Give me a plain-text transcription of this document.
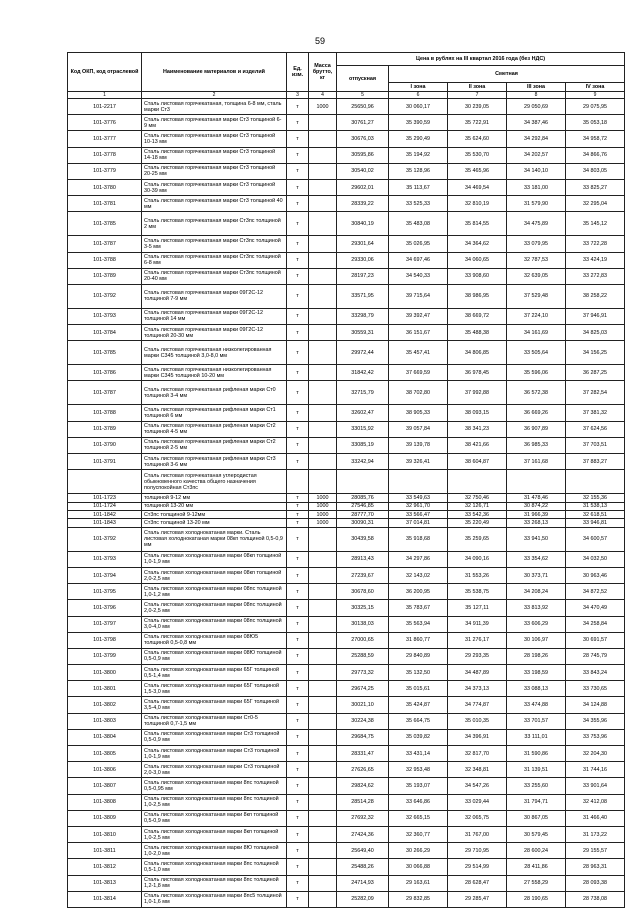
59
Код ОКП, код отраслевой	Наименование материалов и изделий	Ед. изм.	Масса брутто, кг	Цена в рублях на III квартал 2016 года (без НДС)				
				отпускная	Сметная			
					I зона	II зона	III зона	IV зона
1	2	3	4	5	6	7	8	9
101-2217	Сталь листовая горячекатаная, толщина 6-8 мм, сталь марки Ст3	т	1000	25650,96	30 060,17	30 239,05	29 050,69	29 075,95
101-3776	Сталь листовая горячекатаная марки Ст3 толщиной 6-9 мм	т		30761,27	35 390,59	35 722,91	34 387,46	35 053,18
101-3777	Сталь листовая горячекатаная марки Ст3 толщиной 10-13 мм	т		30676,03	35 290,49	35 624,60	34 292,84	34 958,72
101-3778	Сталь листовая горячекатаная марки Ст3 толщиной 14-18 мм	т		30595,86	35 194,92	35 530,70	34 202,57	34 866,76
101-3779	Сталь листовая горячекатаная марки Ст3 толщиной 20-25 мм	т		30540,02	35 128,96	35 465,96	34 140,10	34 803,05
101-3780	Сталь листовая горячекатаная марки Ст3 толщиной 30-39 мм	т		29602,01	35 113,67	34 469,54	33 181,00	33 825,27
101-3781	Сталь листовая горячекатаная марки Ст3 толщиной 40 мм	т		28339,22	33 525,33	32 810,19	31 579,90	32 295,04
101-3785	Сталь листовая горячекатаная марки Ст3пс толщиной 2 мм	т		30840,19	35 483,08	35 814,55	34 475,89	35 145,12
101-3787	Сталь листовая горячекатаная марки Ст3пс толщиной 3-5 мм	т		29301,64	35 026,95	34 364,62	33 079,95	33 722,28
101-3788	Сталь листовая горячекатаная марки Ст3пс толщиной 6-8 мм	т		29330,06	34 697,46	34 060,65	32 787,53	33 424,19
101-3789	Сталь листовая горячекатаная марки Ст3пс толщиной 20-40 мм	т		28197,23	34 540,33	33 908,60	32 639,05	33 272,83
101-3792	Сталь листовая горячекатаная марки 09Г2С-12 толщиной 7-9 мм	т		33571,95	39 715,64	38 986,95	37 529,48	38 258,22
101-3793	Сталь листовая горячекатаная марки 09Г2С-12 толщиной 14 мм	т		33298,79	39 392,47	38 669,72	37 224,10	37 946,91
101-3784	Сталь листовая горячекатаная марки 09Г2С-12 толщиной 20-30 мм	т		30559,31	36 151,67	35 488,38	34 161,69	34 825,03
101-3785	Сталь листовая горячекатаная низколегированная марки С345 толщиной 3,0-8,0 мм	т		29972,44	35 457,41	34 806,85	33 505,64	34 156,25
101-3786	Сталь листовая горячекатаная низколегированная марки С345 толщиной 10-20 мм	т		31842,42	37 669,59	36 978,45	35 596,06	36 287,25
101-3787	Сталь листовая горячекатаная рифленая марки Ст0 толщиной 3-4 мм	т		32715,79	38 702,80	37 992,88	36 572,38	37 282,54
101-3788	Сталь листовая горячекатаная рифленая марки Ст1 толщиной 6 мм	т		32602,47	38 905,33	38 093,15	36 669,26	37 381,32
101-3789	Сталь листовая горячекатаная рифленая марки Ст2 толщиной 4-5 мм	т		33015,92	39 057,84	38 341,23	36 907,89	37 624,56
101-3790	Сталь листовая горячекатаная рифленая марки Ст2 толщиной 2-5 мм	т		33085,19	39 139,78	38 421,66	36 985,33	37 703,51
101-3791	Сталь листовая горячекатаная рифленая марки Ст3 толщиной 3-6 мм	т		33242,94	39 326,41	38 604,87	37 161,68	37 883,27
	Сталь листовая горячекатаная углеродистая обыкновенного качества общего назначения полуспокойная Ст3пс							
101-1723	толщиной 9-12 мм	т	1000	28085,76	33 549,63	32 750,46	31 478,46	32 155,36
101-1724	толщиной 13-20 мм	т	1000	27546,85	32 961,70	32 126,71	30 874,22	31 538,13
101-1842	Ст3пс толщиной 9-12мм	т	1000	28777,70	33 566,47	33 542,36	31 966,39	32 618,51
101-1843	Ст3пс толщиной 13-20 мм	т	1000	30090,31	37 014,81	35 220,49	33 268,13	33 946,81
101-3792	Сталь листовая холоднокатаная марки. Сталь листовая холоднокатаная марки 08кп толщиной 0,5-0,9 мм	т		30439,58	35 918,68	35 259,65	33 941,50	34 600,57
101-3793	Сталь листовая холоднокатаная марки 08кп толщиной 1,0-1,9 мм	т		28913,43	34 297,86	34 090,16	33 354,62	34 032,50
101-3794	Сталь листовая холоднокатаная марки 08кп толщиной 2,0-2,5 мм	т		27239,67	32 143,02	31 553,26	30 373,71	30 963,46
101-3795	Сталь листовая холоднокатаная марки 08пс толщиной 1,0-1,2 мм	т		30678,60	36 200,95	35 538,75	34 208,24	34 872,52
101-3796	Сталь листовая холоднокатаная марки 08пс толщиной 2,0-2,5 мм	т		30325,15	35 783,67	35 127,11	33 813,92	34 470,49
101-3797	Сталь листовая холоднокатаная марки 08пс толщиной 3,0-4,0 мм	т		30138,03	35 563,94	34 911,39	33 606,29	34 258,84
101-3798	Сталь листовая холоднокатаная марки 08Ю5 толщиной 0,5-0,8 мм	т		27000,65	31 860,77	31 276,17	30 106,97	30 691,57
101-3799	Сталь листовая холоднокатаная марки 08Ю толщиной 0,5-0,9 мм	т		25288,59	29 840,89	29 293,35	28 198,26	28 745,79
101-3800	Сталь листовая холоднокатаная марки 65Г толщиной 0,5-1,4 мм	т		29773,32	35 132,50	34 487,89	33 198,59	33 843,24
101-3801	Сталь листовая холоднокатаная марки 65Г толщиной 1,5-3,0 мм	т		29674,25	35 015,61	34 373,13	33 088,13	33 730,65
101-3802	Сталь листовая холоднокатаная марки 65Г толщиной 3,5-4,0 мм	т		30021,10	35 424,87	34 774,87	33 474,88	34 124,88
101-3803	Сталь листовая холоднокатаная марки Ст0-5 толщиной 0,7-1,5 мм	т		30224,38	35 664,75	35 010,35	33 701,57	34 355,96
101-3804	Сталь листовая холоднокатаная марки Ст3 толщиной 0,5-0,9 мм	т		29684,75	35 039,82	34 396,91	33 111,01	33 753,96
101-3805	Сталь листовая холоднокатаная марки Ст3 толщиной 1,0-1,9 мм	т		28331,47	33 431,14	32 817,70	31 590,86	32 204,30
101-3806	Сталь листовая холоднокатаная марки Ст3 толщиной 2,0-3,0 мм	т		27626,65	32 953,48	32 348,81	31 139,51	31 744,16
101-3807	Сталь листовая холоднокатаная марки 8пс толщиной 0,5-0,95 мм	т		29824,62	35 193,07	34 547,26	33 255,60	33 901,64
101-3808	Сталь листовая холоднокатаная марки 8пс толщиной 1,0-2,5 мм	т		28514,28	33 646,86	33 029,44	31 794,71	32 412,08
101-3809	Сталь листовая холоднокатаная марки 8кп толщиной 0,5-0,9 мм	т		27692,32	32 665,15	32 065,75	30 867,05	31 466,40
101-3810	Сталь листовая холоднокатаная марки 8кп толщиной 1,0-2,5 мм	т		27424,36	32 360,77	31 767,00	30 579,45	31 173,22
101-3811	Сталь листовая холоднокатаная марки 8Ю толщиной 1,0-2,0 мм	т		25649,40	30 266,29	29 710,95	28 600,24	29 155,57
101-3812	Сталь листовая холоднокатаная марки 8пс толщиной 0,5-1,0 мм	т		25488,26	30 066,88	29 514,99	28 411,86	28 963,31
101-3813	Сталь листовая холоднокатаная марки 8пс толщиной 1,2-1,8 мм	т		24714,93	29 163,61	28 628,47	27 558,29	28 093,38
101-3814	Сталь листовая холоднокатаная марки 8пс5 толщиной 1,0-1,6 мм	т		25282,09	29 832,85	29 285,47	28 190,65	28 738,08
